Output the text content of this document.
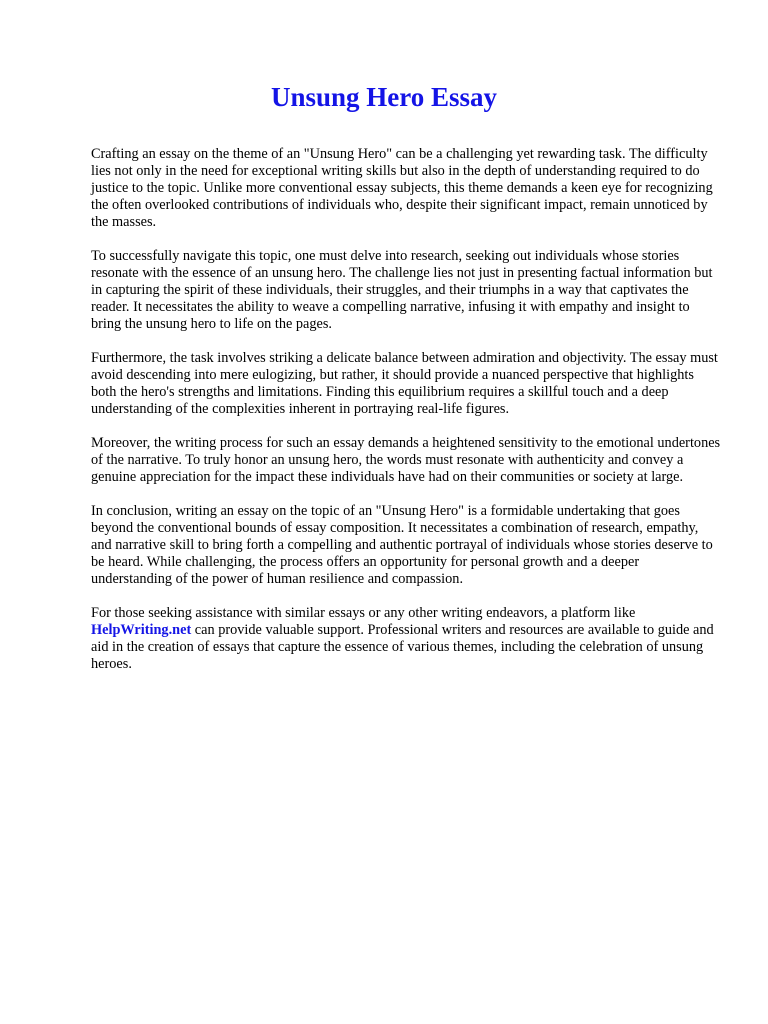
Unsung Hero Essay

Crafting an essay on the theme of an "Unsung Hero" can be a challenging yet rewarding task. The difficulty lies not only in the need for exceptional writing skills but also in the depth of understanding required to do justice to the topic. Unlike more conventional essay subjects, this theme demands a keen eye for recognizing the often overlooked contributions of individuals who, despite their significant impact, remain unnoticed by the masses.

To successfully navigate this topic, one must delve into research, seeking out individuals whose stories resonate with the essence of an unsung hero. The challenge lies not just in presenting factual information but in capturing the spirit of these individuals, their struggles, and their triumphs in a way that captivates the reader. It necessitates the ability to weave a compelling narrative, infusing it with empathy and insight to bring the unsung hero to life on the pages.

Furthermore, the task involves striking a delicate balance between admiration and objectivity. The essay must avoid descending into mere eulogizing, but rather, it should provide a nuanced perspective that highlights both the hero's strengths and limitations. Finding this equilibrium requires a skillful touch and a deep understanding of the complexities inherent in portraying real-life figures.

Moreover, the writing process for such an essay demands a heightened sensitivity to the emotional undertones of the narrative. To truly honor an unsung hero, the words must resonate with authenticity and convey a genuine appreciation for the impact these individuals have had on their communities or society at large.

In conclusion, writing an essay on the topic of an "Unsung Hero" is a formidable undertaking that goes beyond the conventional bounds of essay composition. It necessitates a combination of research, empathy, and narrative skill to bring forth a compelling and authentic portrayal of individuals whose stories deserve to be heard. While challenging, the process offers an opportunity for personal growth and a deeper understanding of the power of human resilience and compassion.

For those seeking assistance with similar essays or any other writing endeavors, a platform like HelpWriting.net can provide valuable support. Professional writers and resources are available to guide and aid in the creation of essays that capture the essence of various themes, including the celebration of unsung heroes.
